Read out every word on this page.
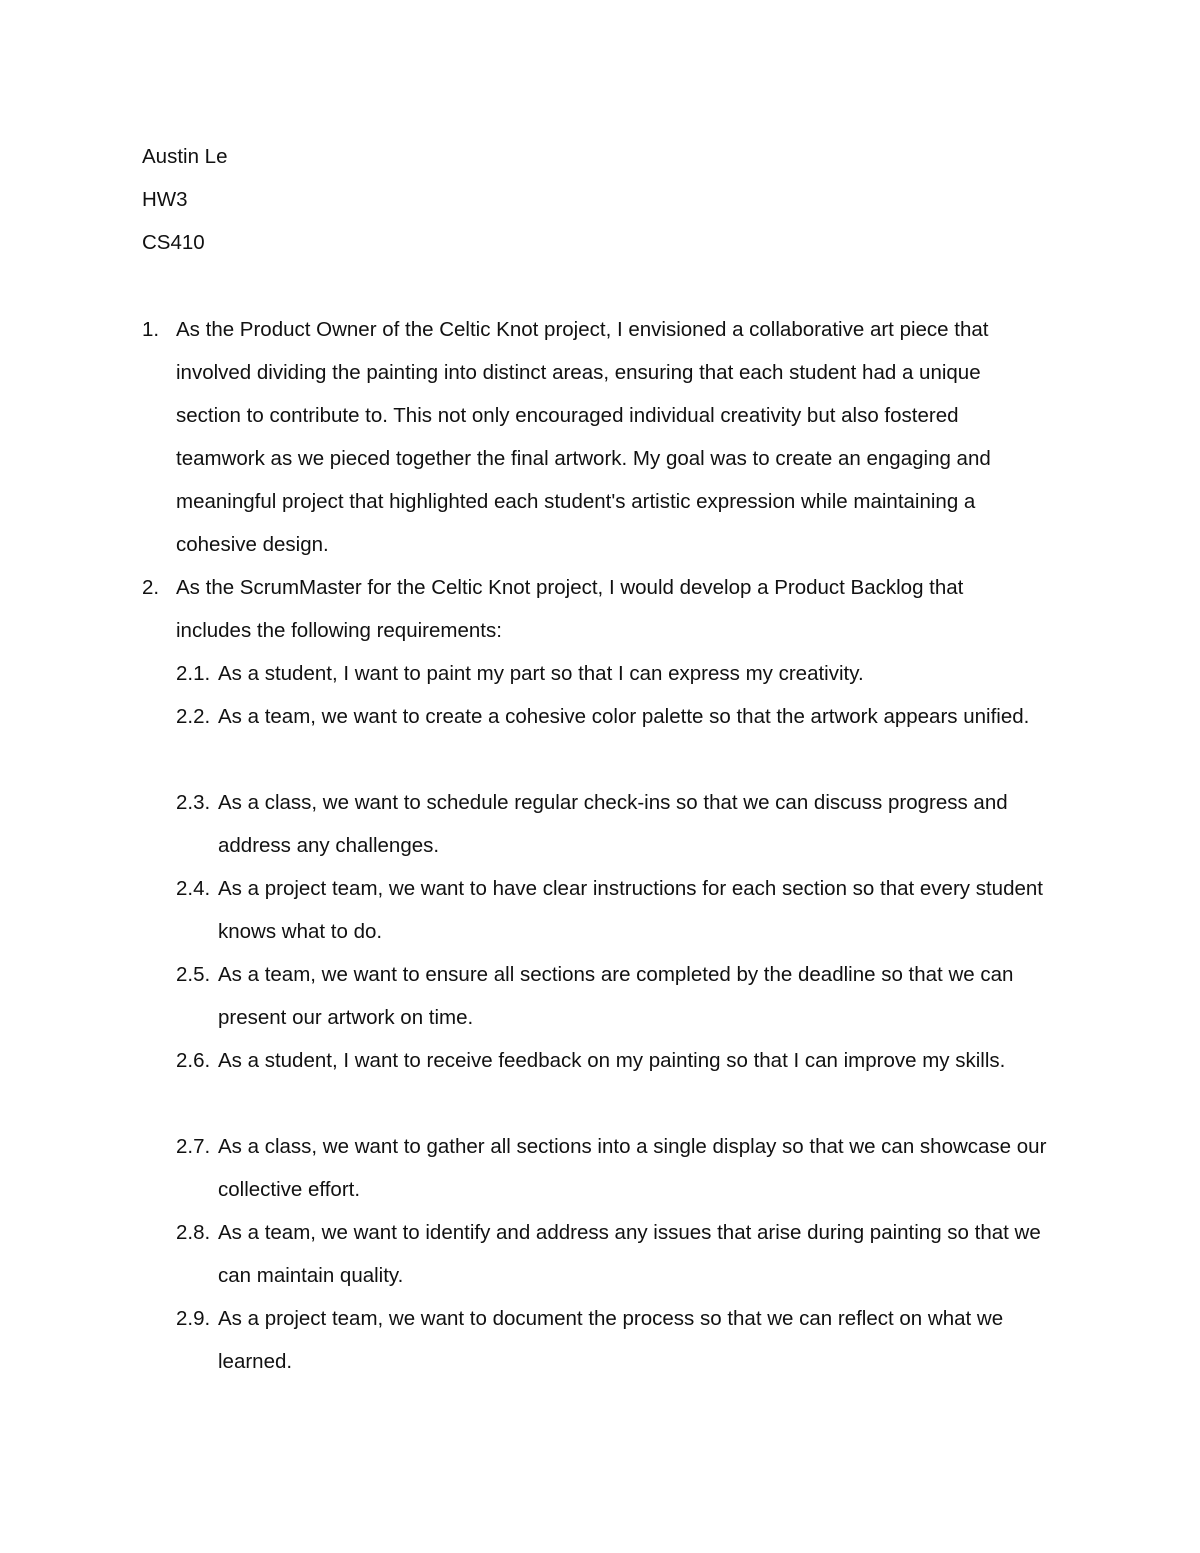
Austin Le
HW3
CS410
1. As the Product Owner of the Celtic Knot project, I envisioned a collaborative art piece that involved dividing the painting into distinct areas, ensuring that each student had a unique section to contribute to. This not only encouraged individual creativity but also fostered teamwork as we pieced together the final artwork. My goal was to create an engaging and meaningful project that highlighted each student's artistic expression while maintaining a cohesive design.
2. As the ScrumMaster for the Celtic Knot project, I would develop a Product Backlog that includes the following requirements:
2.1. As a student, I want to paint my part so that I can express my creativity.
2.2. As a team, we want to create a cohesive color palette so that the artwork appears unified.
2.3. As a class, we want to schedule regular check-ins so that we can discuss progress and address any challenges.
2.4. As a project team, we want to have clear instructions for each section so that every student knows what to do.
2.5. As a team, we want to ensure all sections are completed by the deadline so that we can present our artwork on time.
2.6. As a student, I want to receive feedback on my painting so that I can improve my skills.
2.7. As a class, we want to gather all sections into a single display so that we can showcase our collective effort.
2.8. As a team, we want to identify and address any issues that arise during painting so that we can maintain quality.
2.9. As a project team, we want to document the process so that we can reflect on what we learned.
